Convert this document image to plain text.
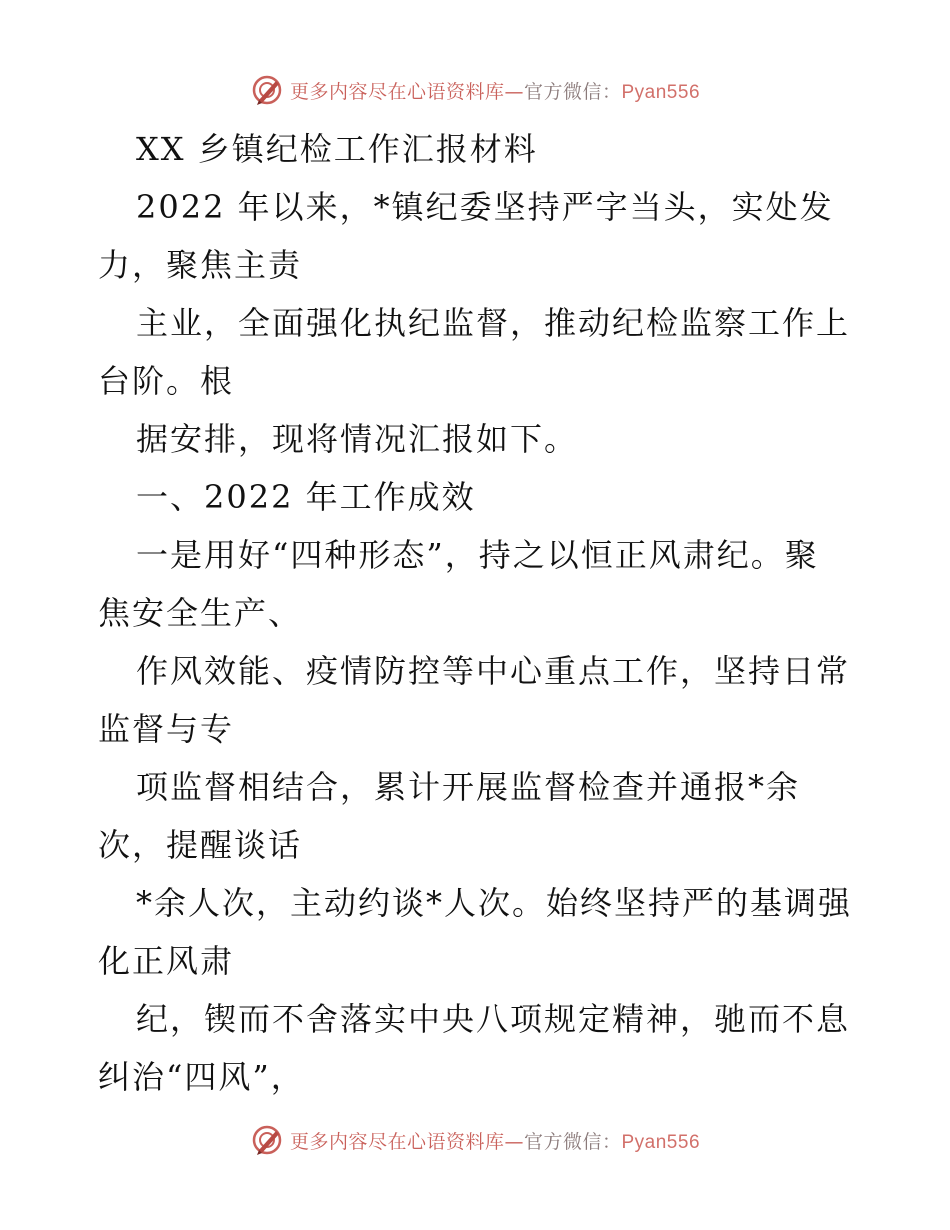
更多内容尽在心语资料库—官方微信：Pyan556
XX 乡镇纪检工作汇报材料
2022 年以来，*镇纪委坚持严字当头，实处发
力，聚焦主责
主业，全面强化执纪监督，推动纪检监察工作上
台阶。根
据安排，现将情况汇报如下。
一、2022 年工作成效
一是用好“四种形态”，持之以恒正风肃纪。聚
焦安全生产、
作风效能、疫情防控等中心重点工作，坚持日常
监督与专
项监督相结合，累计开展监督检查并通报*余
次，提醒谈话
*余人次，主动约谈*人次。始终坚持严的基调强
化正风肃
纪，锲而不舍落实中央八项规定精神，驰而不息
纠治“四风”，
更多内容尽在心语资料库—官方微信：Pyan556
